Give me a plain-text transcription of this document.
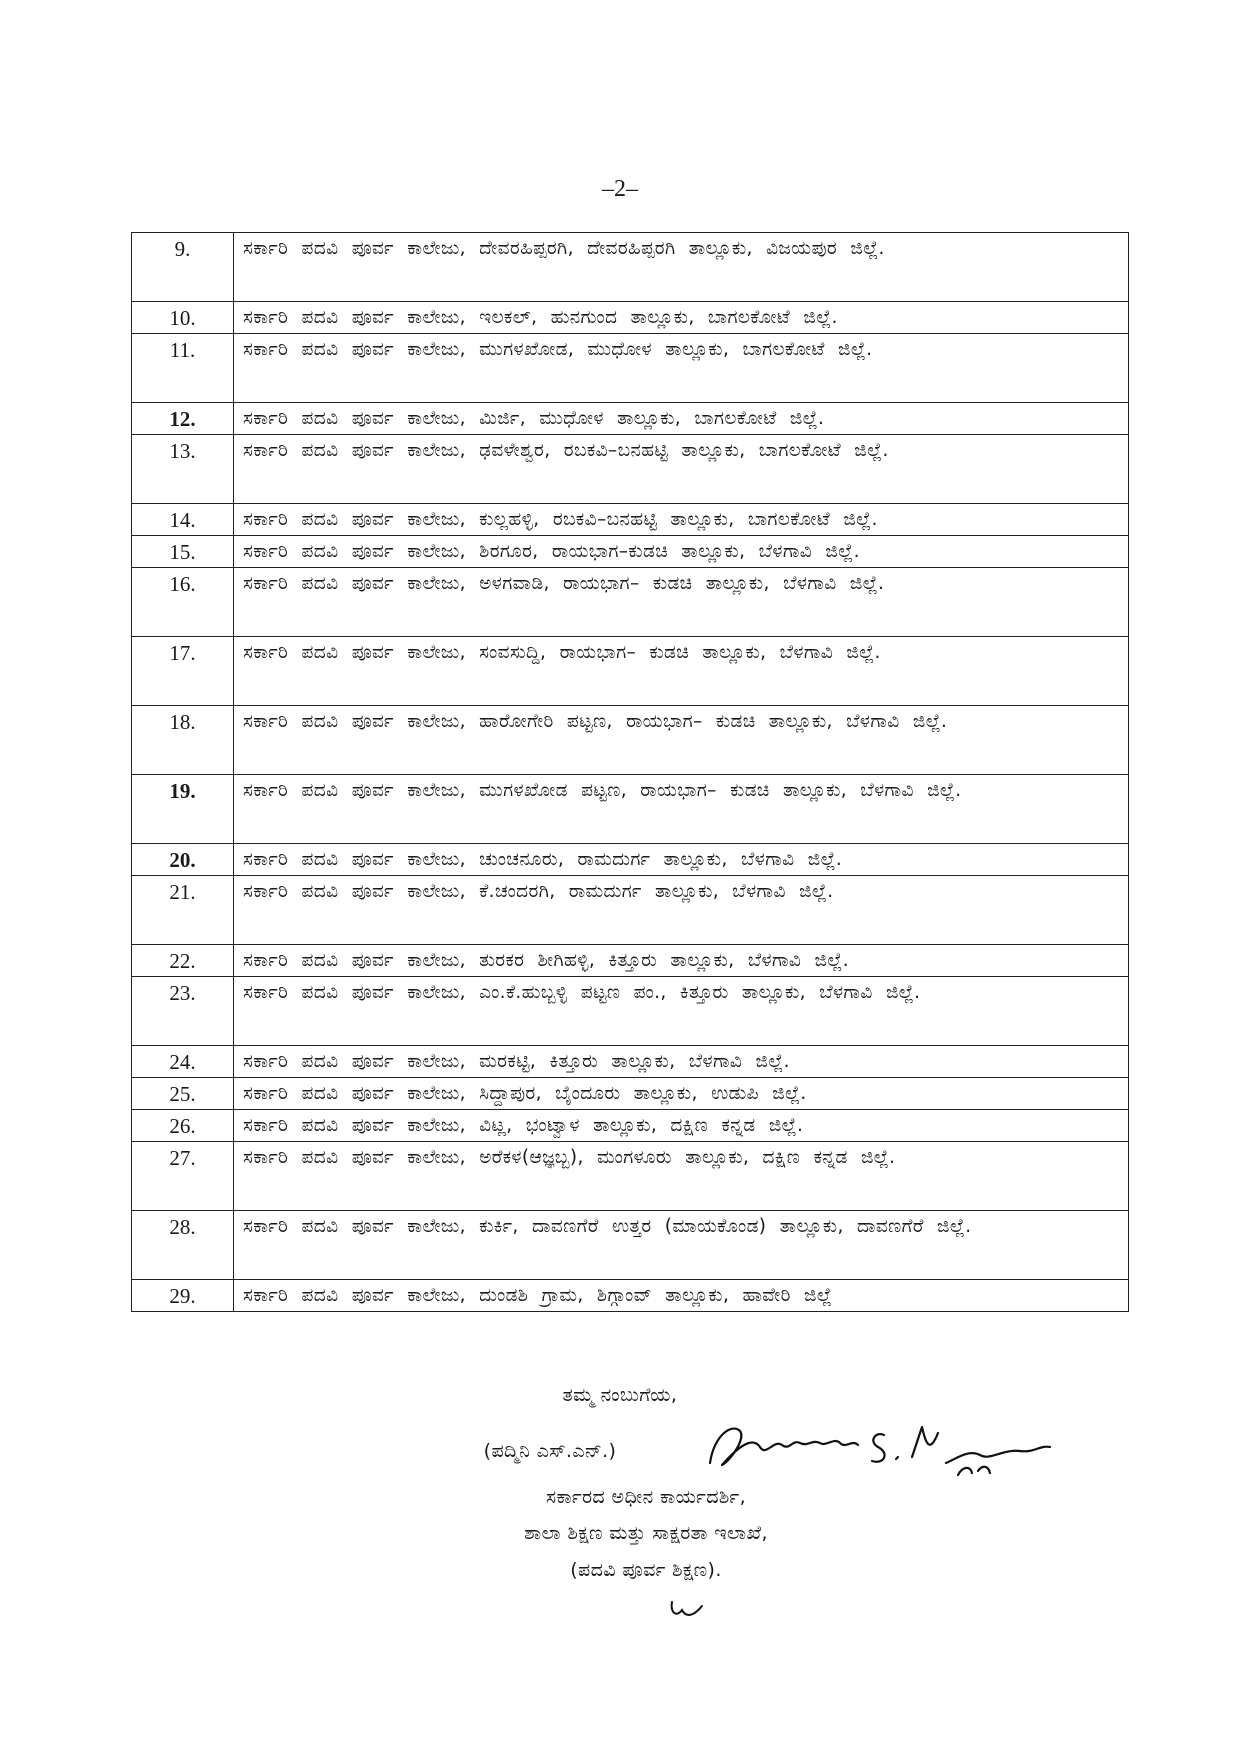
–2–
9.	ಸರ್ಕಾರಿ ಪದವಿ ಪೂರ್ವ ಕಾಲೇಜು, ದೇವರಹಿಪ್ಪರಗಿ, ದೇವರಹಿಪ್ಪರಗಿ ತಾಲ್ಲೂಕು, ವಿಜಯಪುರ ಜಿಲ್ಲೆ.
10.	ಸರ್ಕಾರಿ ಪದವಿ ಪೂರ್ವ ಕಾಲೇಜು, ಇಲಕಲ್, ಹುನಗುಂದ ತಾಲ್ಲೂಕು, ಬಾಗಲಕೋಟೆ ಜಿಲ್ಲೆ.
11.	ಸರ್ಕಾರಿ ಪದವಿ ಪೂರ್ವ ಕಾಲೇಜು, ಮುಗಳಖೋಡ, ಮುಧೋಳ ತಾಲ್ಲೂಕು, ಬಾಗಲಕೋಟೆ ಜಿಲ್ಲೆ.
12.	ಸರ್ಕಾರಿ ಪದವಿ ಪೂರ್ವ ಕಾಲೇಜು, ಮಿರ್ಜಿ, ಮುಧೋಳ ತಾಲ್ಲೂಕು, ಬಾಗಲಕೋಟೆ ಜಿಲ್ಲೆ.
13.	ಸರ್ಕಾರಿ ಪದವಿ ಪೂರ್ವ ಕಾಲೇಜು, ಢವಳೇಶ್ವರ, ರಬಕವಿ–ಬನಹಟ್ಟಿ ತಾಲ್ಲೂಕು, ಬಾಗಲಕೋಟೆ ಜಿಲ್ಲೆ.
14.	ಸರ್ಕಾರಿ ಪದವಿ ಪೂರ್ವ ಕಾಲೇಜು, ಕುಲ್ಲಹಳ್ಳಿ, ರಬಕವಿ–ಬನಹಟ್ಟಿ ತಾಲ್ಲೂಕು, ಬಾಗಲಕೋಟೆ ಜಿಲ್ಲೆ.
15.	ಸರ್ಕಾರಿ ಪದವಿ ಪೂರ್ವ ಕಾಲೇಜು, ಶಿರಗೂರ, ರಾಯಭಾಗ–ಕುಡಚಿ ತಾಲ್ಲೂಕು, ಬೆಳಗಾವಿ ಜಿಲ್ಲೆ.
16.	ಸರ್ಕಾರಿ ಪದವಿ ಪೂರ್ವ ಕಾಲೇಜು, ಅಳಗವಾಡಿ, ರಾಯಭಾಗ– ಕುಡಚಿ ತಾಲ್ಲೂಕು, ಬೆಳಗಾವಿ ಜಿಲ್ಲೆ.
17.	ಸರ್ಕಾರಿ ಪದವಿ ಪೂರ್ವ ಕಾಲೇಜು, ಸಂವಸುದ್ದಿ, ರಾಯಭಾಗ– ಕುಡಚಿ ತಾಲ್ಲೂಕು, ಬೆಳಗಾವಿ ಜಿಲ್ಲೆ.
18.	ಸರ್ಕಾರಿ ಪದವಿ ಪೂರ್ವ ಕಾಲೇಜು, ಹಾರೋಗೇರಿ ಪಟ್ಟಣ, ರಾಯಭಾಗ– ಕುಡಚಿ ತಾಲ್ಲೂಕು, ಬೆಳಗಾವಿ ಜಿಲ್ಲೆ.
19.	ಸರ್ಕಾರಿ ಪದವಿ ಪೂರ್ವ ಕಾಲೇಜು, ಮುಗಳಖೋಡ ಪಟ್ಟಣ, ರಾಯಭಾಗ– ಕುಡಚಿ ತಾಲ್ಲೂಕು, ಬೆಳಗಾವಿ ಜಿಲ್ಲೆ.
20.	ಸರ್ಕಾರಿ ಪದವಿ ಪೂರ್ವ ಕಾಲೇಜು, ಚುಂಚನೂರು, ರಾಮದುರ್ಗ ತಾಲ್ಲೂಕು, ಬೆಳಗಾವಿ ಜಿಲ್ಲೆ.
21.	ಸರ್ಕಾರಿ ಪದವಿ ಪೂರ್ವ ಕಾಲೇಜು, ಕೆ.ಚಂದರಗಿ, ರಾಮದುರ್ಗ ತಾಲ್ಲೂಕು, ಬೆಳಗಾವಿ ಜಿಲ್ಲೆ.
22.	ಸರ್ಕಾರಿ ಪದವಿ ಪೂರ್ವ ಕಾಲೇಜು, ತುರಕರ ಶೀಗಿಹಳ್ಳಿ, ಕಿತ್ತೂರು ತಾಲ್ಲೂಕು, ಬೆಳಗಾವಿ ಜಿಲ್ಲೆ.
23.	ಸರ್ಕಾರಿ ಪದವಿ ಪೂರ್ವ ಕಾಲೇಜು, ಎಂ.ಕೆ.ಹುಬ್ಬಳ್ಳಿ ಪಟ್ಟಣ ಪಂ., ಕಿತ್ತೂರು ತಾಲ್ಲೂಕು, ಬೆಳಗಾವಿ ಜಿಲ್ಲೆ.
24.	ಸರ್ಕಾರಿ ಪದವಿ ಪೂರ್ವ ಕಾಲೇಜು, ಮರಕಟ್ಟಿ, ಕಿತ್ತೂರು ತಾಲ್ಲೂಕು, ಬೆಳಗಾವಿ ಜಿಲ್ಲೆ.
25.	ಸರ್ಕಾರಿ ಪದವಿ ಪೂರ್ವ ಕಾಲೇಜು, ಸಿದ್ದಾಪುರ, ಬೈಂದೂರು ತಾಲ್ಲೂಕು, ಉಡುಪಿ ಜಿಲ್ಲೆ.
26.	ಸರ್ಕಾರಿ ಪದವಿ ಪೂರ್ವ ಕಾಲೇಜು, ವಿಟ್ಲ, ಭಂಟ್ವಾಳ ತಾಲ್ಲೂಕು, ದಕ್ಷಿಣ ಕನ್ನಡ ಜಿಲ್ಲೆ.
27.	ಸರ್ಕಾರಿ ಪದವಿ ಪೂರ್ವ ಕಾಲೇಜು, ಅರೆಕಳ(ಆಜ್ಞಬ್ಬ), ಮಂಗಳೂರು ತಾಲ್ಲೂಕು, ದಕ್ಷಿಣ ಕನ್ನಡ ಜಿಲ್ಲೆ.
28.	ಸರ್ಕಾರಿ ಪದವಿ ಪೂರ್ವ ಕಾಲೇಜು, ಕುರ್ಕಿ, ದಾವಣಗೆರೆ ಉತ್ತರ (ಮಾಯಕೊಂಡ) ತಾಲ್ಲೂಕು, ದಾವಣಗೆರೆ ಜಿಲ್ಲೆ.
29.	ಸರ್ಕಾರಿ ಪದವಿ ಪೂರ್ವ ಕಾಲೇಜು, ದುಂಡಶಿ ಗ್ರಾಮ, ಶಿಗ್ಗಾಂವ್ ತಾಲ್ಲೂಕು, ಹಾವೇರಿ ಜಿಲ್ಲೆ
ತಮ್ಮ ನಂಬುಗೆಯ,
(ಪದ್ಮಿನಿ ಎಸ್.ಎನ್.)
ಸರ್ಕಾರದ ಅಧೀನ ಕಾರ್ಯದರ್ಶಿ,
ಶಾಲಾ ಶಿಕ್ಷಣ ಮತ್ತು ಸಾಕ್ಷರತಾ ಇಲಾಖೆ,
(ಪದವಿ ಪೂರ್ವ ಶಿಕ್ಷಣ).
